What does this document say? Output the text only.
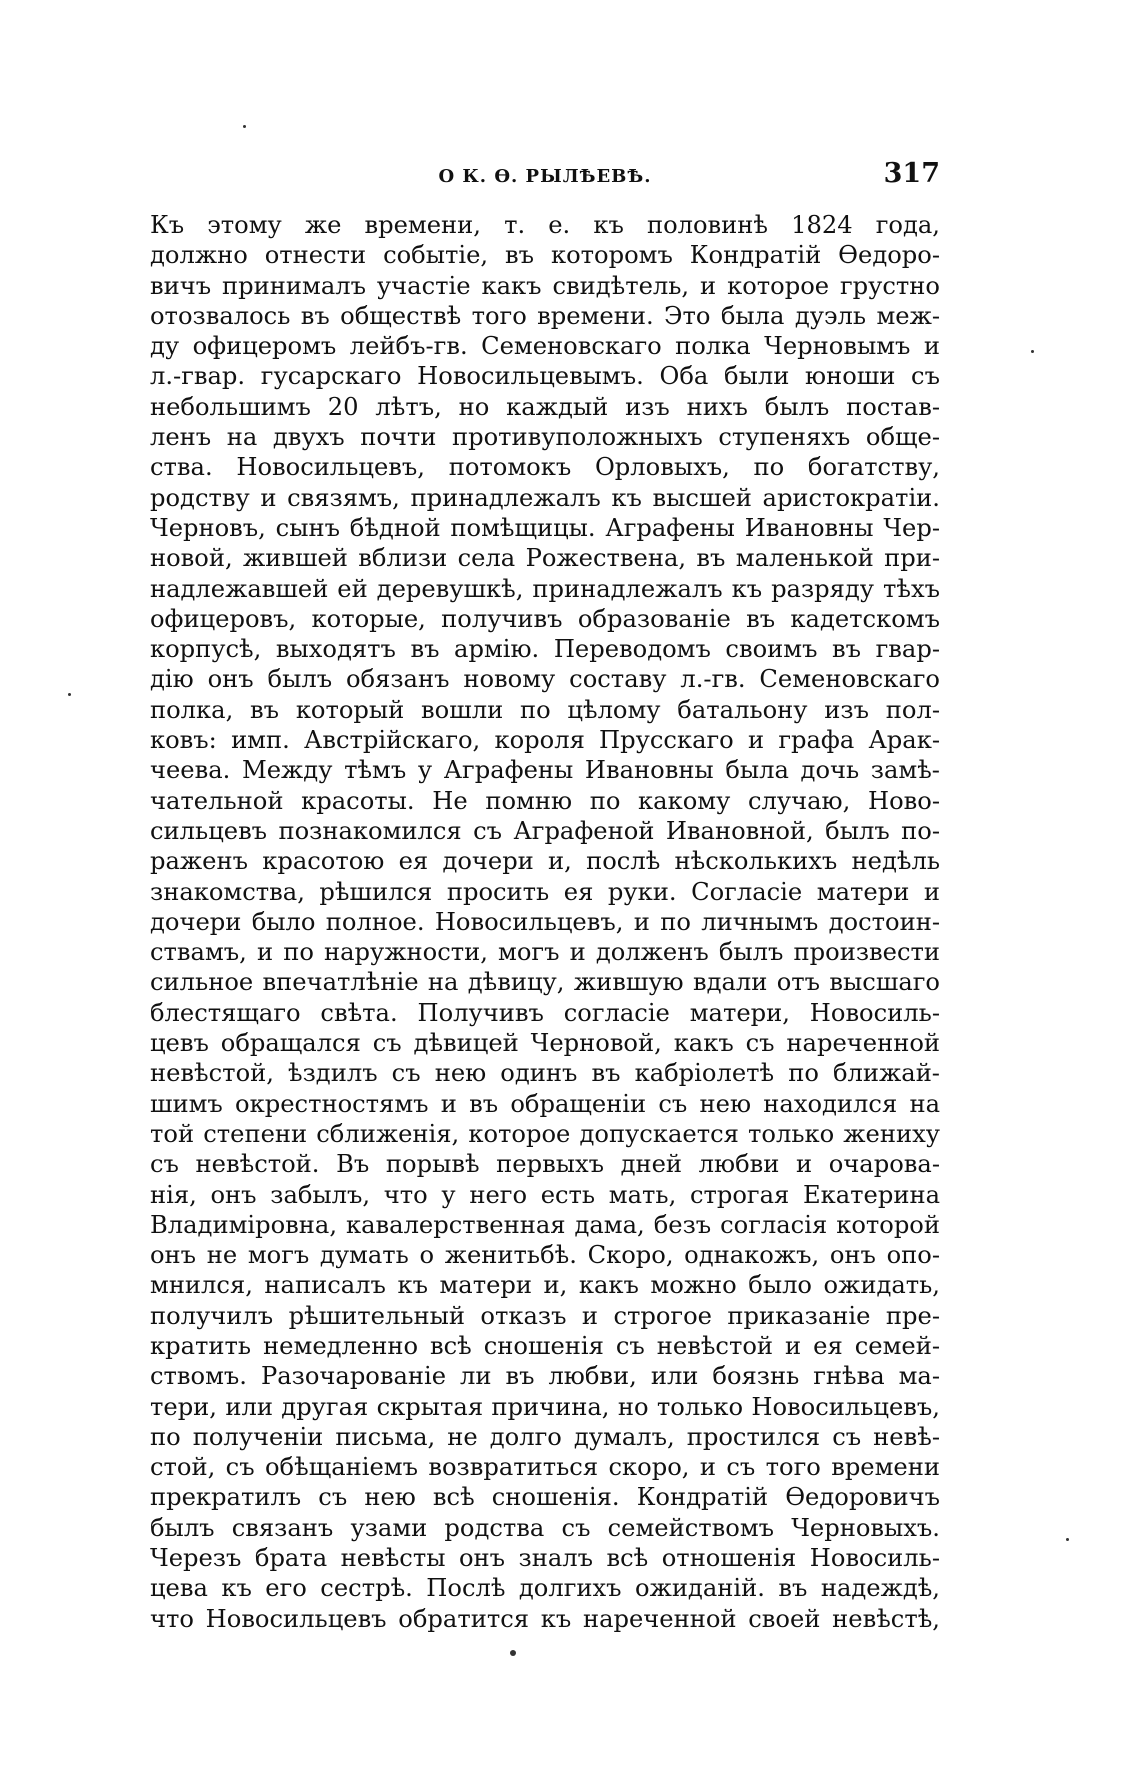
О К. Ѳ. РЫЛѢЕВѢ.	317
Къ этому же времени, т. е. къ половинѣ 1824 года,
должно отнести событіе, въ которомъ Кондратій Ѳедоро-
вичъ принималъ участіе какъ свидѣтель, и которое грустно
отозвалось въ обществѣ того времени. Это была дуэль меж-
ду офицеромъ лейбъ-гв. Семеновскаго полка Черновымъ и
л.-гвар. гусарскаго Новосильцевымъ. Оба были юноши съ
небольшимъ 20 лѣтъ, но каждый изъ нихъ былъ постав-
ленъ на двухъ почти противуположныхъ ступеняхъ обще-
ства. Новосильцевъ, потомокъ Орловыхъ, по богатству,
родству и связямъ, принадлежалъ къ высшей аристократіи.
Черновъ, сынъ бѣдной помѣщицы. Аграфены Ивановны Чер-
новой, жившей вблизи села Рожествена, въ маленькой при-
надлежавшей ей деревушкѣ, принадлежалъ къ разряду тѣхъ
офицеровъ, которые, получивъ образованіе въ кадетскомъ
корпусѣ, выходятъ въ армію. Переводомъ своимъ въ гвар-
дію онъ былъ обязанъ новому составу л.-гв. Семеновскаго
полка, въ который вошли по цѣлому батальону изъ пол-
ковъ: имп. Австрійскаго, короля Прусскаго и графа Арак-
чеева. Между тѣмъ у Аграфены Ивановны была дочь замѣ-
чательной красоты. Не помню по какому случаю, Ново-
сильцевъ познакомился съ Аграфеной Ивановной, былъ по-
раженъ красотою ея дочери и, послѣ нѣсколькихъ недѣль
знакомства, рѣшился просить ея руки. Согласіе матери и
дочери было полное. Новосильцевъ, и по личнымъ достоин-
ствамъ, и по наружности, могъ и долженъ былъ произвести
сильное впечатлѣніе на дѣвицу, жившую вдали отъ высшаго
блестящаго свѣта. Получивъ согласіе матери, Новосиль-
цевъ обращался съ дѣвицей Черновой, какъ съ нареченной
невѣстой, ѣздилъ съ нею одинъ въ кабріолетѣ по ближай-
шимъ окрестностямъ и въ обращеніи съ нею находился на
той степени сближенія, которое допускается только жениху
съ невѣстой. Въ порывѣ первыхъ дней любви и очарова-
нія, онъ забылъ, что у него есть мать, строгая Екатерина
Владиміровна, кавалерственная дама, безъ согласія которой
онъ не могъ думать о женитьбѣ. Скоро, однакожъ, онъ опо-
мнился, написалъ къ матери и, какъ можно было ожидать,
получилъ рѣшительный отказъ и строгое приказаніе пре-
кратить немедленно всѣ сношенія съ невѣстой и ея семей-
ствомъ. Разочарованіе ли въ любви, или боязнь гнѣва ма-
тери, или другая скрытая причина, но только Новосильцевъ,
по полученіи письма, не долго думалъ, простился съ невѣ-
стой, съ обѣщаніемъ возвратиться скоро, и съ того времени
прекратилъ съ нею всѣ сношенія. Кондратій Ѳедоровичъ
былъ связанъ узами родства съ семействомъ Черновыхъ.
Черезъ брата невѣсты онъ зналъ всѣ отношенія Новосиль-
цева къ его сестрѣ. Послѣ долгихъ ожиданій. въ надеждѣ,
что Новосильцевъ обратится къ нареченной своей невѣстѣ,
